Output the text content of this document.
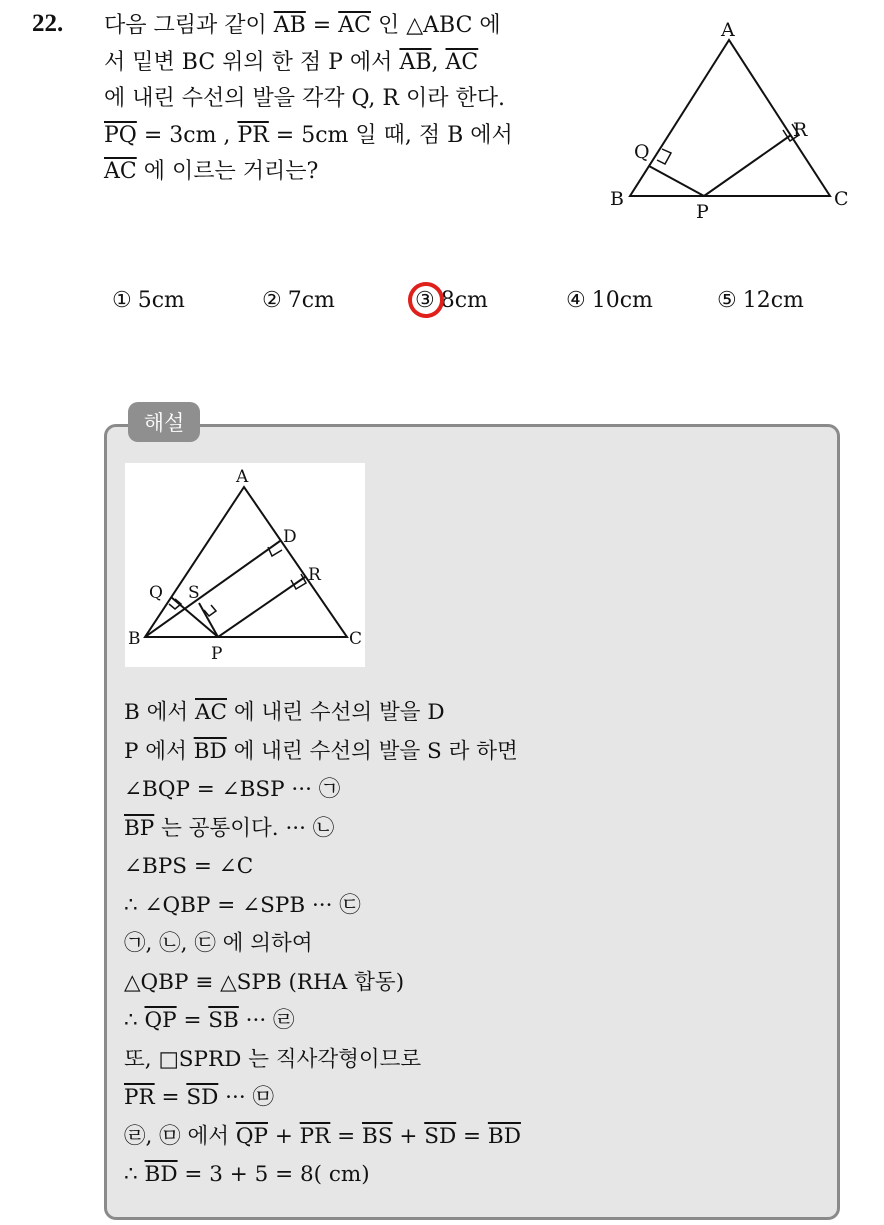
22. 다음 그림과 같이 $\overline{AB} = \overline{AC}$ 인 △ABC 에
서 밑변 BC 위의 한 점 P 에서 $\overline{AB}$, $\overline{AC}$
에 내린 수선의 발을 각각 Q, R 이라 한다.
$\overline{PQ} = 3cm$ , $\overline{PR} = 5cm$ 일 때, 점 B 에서
$\overline{AC}$ 에 이르는 거리는?
A
B	C
P
Q
R
① 5cm	② 7cm	③ 8cm	④ 10cm	⑤ 12cm
해설
A
B	C
D
P
Q
R
S
B 에서 $\overline{AC}$ 에 내린 수선의 발을 D
P 에서 $\overline{BD}$ 에 내린 수선의 발을 S 라 하면
∠BQP = ∠BSP ··· ㉠
$\overline{BP}$ 는 공통이다. ··· ㉡
∠BPS = ∠C
∴ ∠QBP = ∠SPB ··· ㉢
㉠, ㉡, ㉢ 에 의하여
△QBP ≡ △SPB (RHA 합동)
∴ $\overline{QP} = \overline{SB}$ ··· ㉣
또, □SPRD 는 직사각형이므로
$\overline{PR} = \overline{SD}$ ··· ㉤
㉣, ㉤ 에서 $\overline{QP} + \overline{PR} = \overline{BS} + \overline{SD} = \overline{BD}$
∴ $\overline{BD} = 3 + 5 = 8$( cm)
